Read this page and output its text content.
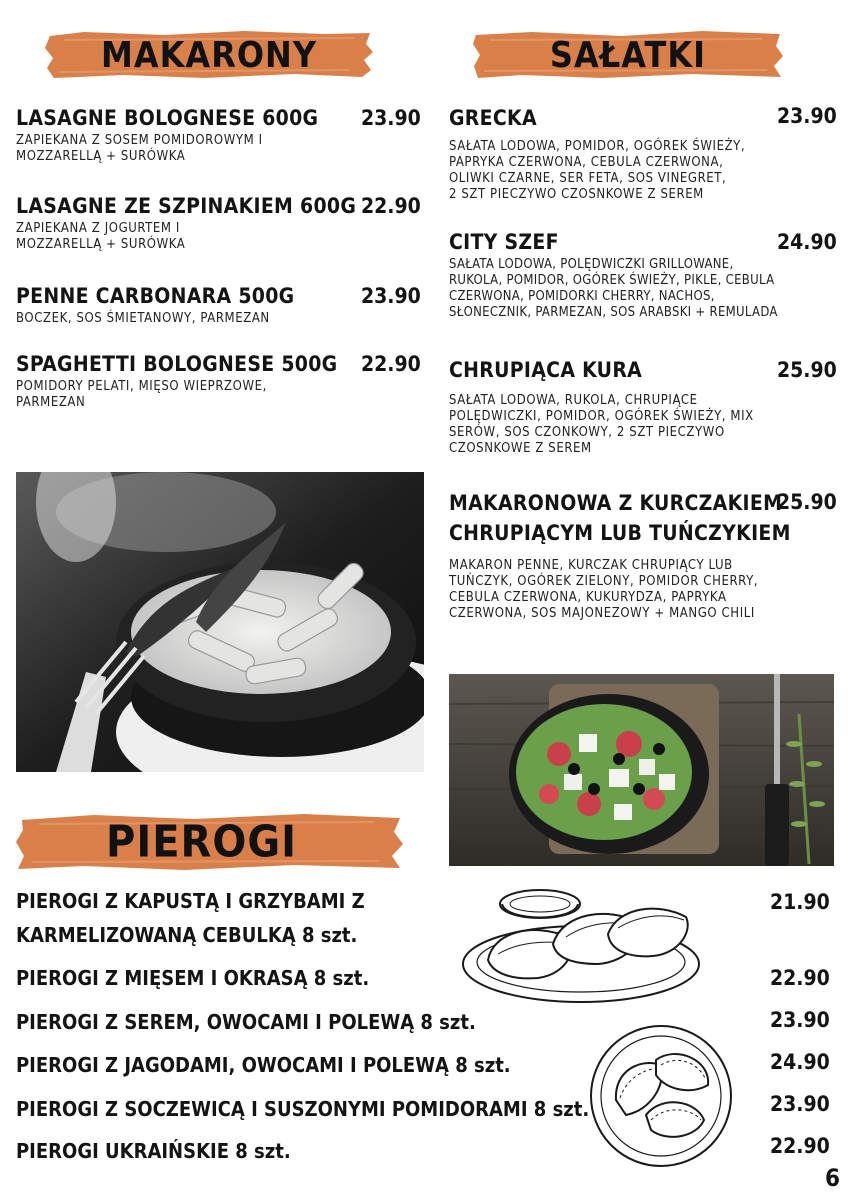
MAKARONY	SAŁATKI
PIEROGI
LASAGNE BOLOGNESE 600G
ZAPIEKANA Z SOSEM POMIDOROWYM I
MOZZARELLĄ + SURÓWKA
23.90
LASAGNE ZE SZPINAKIEM 600G
ZAPIEKANA Z JOGURTEM I
MOZZARELLĄ + SURÓWKA
22.90
PENNE CARBONARA 500G
BOCZEK, SOS ŚMIETANOWY, PARMEZAN
23.90
SPAGHETTI BOLOGNESE 500G
POMIDORY PELATI, MIĘSO WIEPRZOWE,
PARMEZAN
22.90
GRECKA
SAŁATA LODOWA, POMIDOR, OGÓREK ŚWIEŻY,
PAPRYKA CZERWONA, CEBULA CZERWONA,
OLIWKI CZARNE, SER FETA, SOS VINEGRET,
2 SZT PIECZYWO CZOSNKOWE Z SEREM
23.90
CITY SZEF
SAŁATA LODOWA, POLĘDWICZKI GRILLOWANE,
RUKOLA, POMIDOR, OGÓREK ŚWIEŻY, PIKLE, CEBULA
CZERWONA, POMIDORKI CHERRY, NACHOS,
SŁONECZNIK, PARMEZAN, SOS ARABSKI + REMULADA
24.90
CHRUPIĄCA KURA
SAŁATA LODOWA, RUKOLA, CHRUPIĄCE
POLĘDWICZKI, POMIDOR, OGÓREK ŚWIEŻY, MIX
SERÓW, SOS CZONKOWY, 2 SZT PIECZYWO
CZOSNKOWE Z SEREM
25.90
MAKARONOWA Z KURCZAKIEM
CHRUPIĄCYM LUB TUŃCZYKIEM
MAKARON PENNE, KURCZAK CHRUPIĄCY LUB
TUŃCZYK, OGÓREK ZIELONY, POMIDOR CHERRY,
CEBULA CZERWONA, KUKURYDZA, PAPRYKA
CZERWONA, SOS MAJONEZOWY + MANGO CHILI
25.90
PIEROGI Z KAPUSTĄ I GRZYBAMI Z
KARMELIZOWANĄ CEBULKĄ 8 szt.
21.90
PIEROGI Z MIĘSEM I OKRASĄ 8 szt.	22.90
PIEROGI Z SEREM, OWOCAMI I POLEWĄ 8 szt.	23.90
PIEROGI Z JAGODAMI, OWOCAMI I POLEWĄ 8 szt.	24.90
PIEROGI Z SOCZEWICĄ I SUSZONYMI POMIDORAMI 8 szt.	23.90
PIEROGI UKRAIŃSKIE 8 szt.	22.90
6
